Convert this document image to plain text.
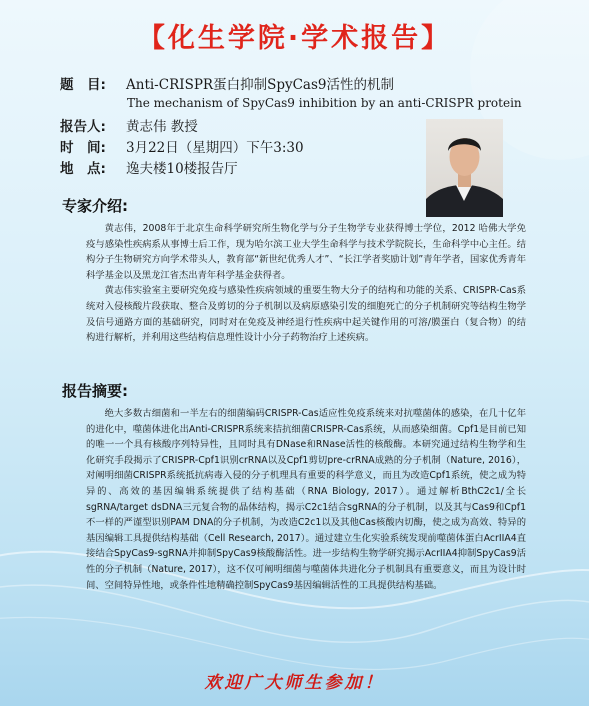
【化生学院·学术报告】
题　目: Anti-CRISPR蛋白抑制SpyCas9活性的机制
The mechanism of SpyCas9 inhibition by an anti-CRISPR protein
报告人: 黄志伟 教授
时　间: 3月22日（星期四）下午3:30
地　点: 逸夫楼10楼报告厅
专家介绍:

黄志伟，2008年于北京生命科学研究所生物化学与分子生物学专业获得博士学位，2012 哈佛大学免疫与感染性疾病系从事博士后工作，现为哈尔滨工业大学生命科学与技术学院院长，生命科学中心主任。结构分子生物研究方向学术带头人，教育部“新世纪优秀人才”、“长江学者奖励计划”青年学者，国家优秀青年科学基金以及黑龙江省杰出青年科学基金获得者。

黄志伟实验室主要研究免疫与感染性疾病领域的重要生物大分子的结构和功能的关系、CRISPR-Cas系统对入侵核酸片段获取、整合及剪切的分子机制以及病原感染引发的细胞死亡的分子机制研究等结构生物学及信号通路方面的基础研究，同时对在免疫及神经退行性疾病中起关键作用的可溶/膜蛋白（复合物）的结构进行解析，并利用这些结构信息理性设计小分子药物治疗上述疾病。

报告摘要:

绝大多数古细菌和一半左右的细菌编码CRISPR-Cas适应性免疫系统来对抗噬菌体的感染，在几十亿年的进化中，噬菌体进化出Anti-CRISPR系统来拮抗细菌CRISPR-Cas系统，从而感染细菌。Cpf1是目前已知的唯一一个具有核酸序列特异性，且同时具有DNase和RNase活性的核酸酶。本研究通过结构生物学和生化研究手段揭示了CRISPR-Cpf1识别crRNA以及Cpf1剪切pre-crRNA成熟的分子机制（Nature, 2016），对阐明细菌CRISPR系统抵抗病毒入侵的分子机理具有重要的科学意义，而且为改造Cpf1系统，使之成为特异的、高效的基因编辑系统提供了结构基础（RNA Biology, 2017）。通过解析BthC2c1/全长sgRNA/target dsDNA三元复合物的晶体结构，揭示C2c1结合sgRNA的分子机制，以及其与Cas9和Cpf1不一样的严谨型识别PAM DNA的分子机制，为改造C2c1以及其他Cas核酸内切酶，使之成为高效、特异的基因编辑工具提供结构基础（Cell Research, 2017）。通过建立生化实验系统发现前噬菌体蛋白AcrIIA4直接结合SpyCas9-sgRNA并抑制SpyCas9核酸酶活性。进一步结构生物学研究揭示AcrIIA4抑制SpyCas9活性的分子机制（Nature, 2017），这不仅可阐明细菌与噬菌体共进化分子机制具有重要意义，而且为设计时间、空间特异性地，或条件性地精确控制SpyCas9基因编辑活性的工具提供结构基础。

欢迎广大师生参加！
